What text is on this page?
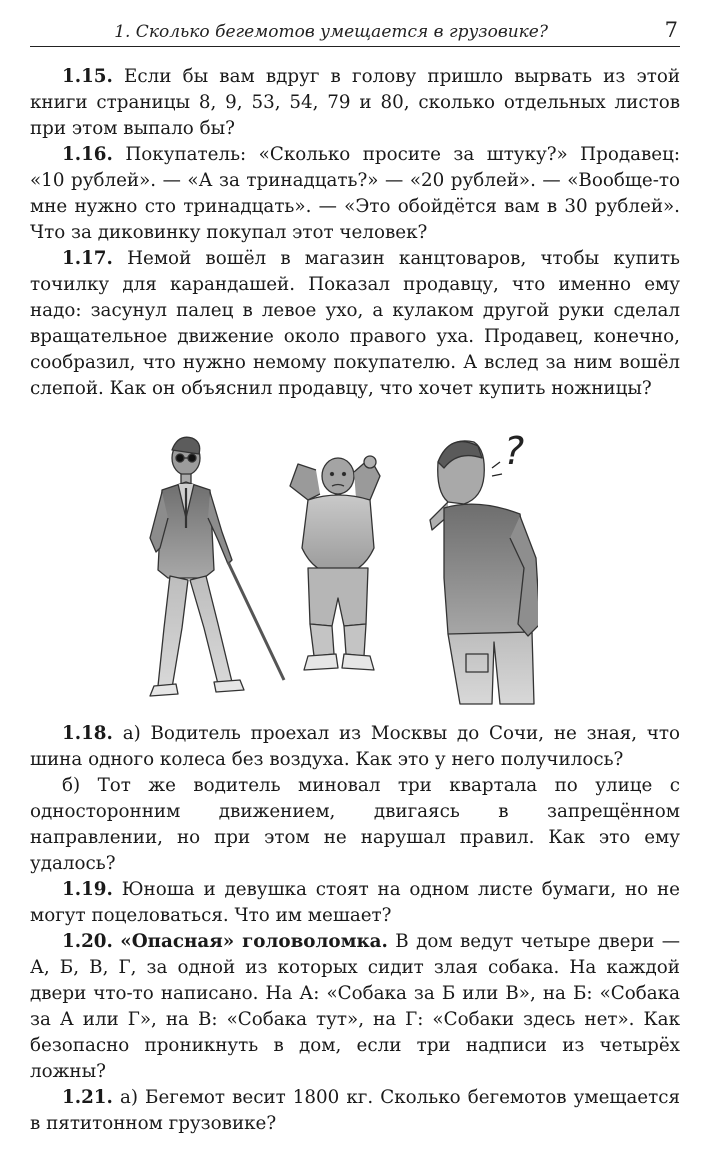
1. Сколько бегемотов умещается в грузовике?	7

1.15. Если бы вам вдруг в голову пришло вырвать из этой книги страницы 8, 9, 53, 54, 79 и 80, сколько отдельных листов при этом выпало бы?

1.16. Покупатель: «Сколько просите за штуку?» Продавец: «10 рублей». — «А за тринадцать?» — «20 рублей». — «Вообще-то мне нужно сто тринадцать». — «Это обойдётся вам в 30 рублей». Что за диковинку покупал этот человек?

1.17. Немой вошёл в магазин канцтоваров, чтобы купить точилку для карандашей. Показал продавцу, что именно ему надо: засунул палец в левое ухо, а кулаком другой руки сделал вращательное движение около правого уха. Продавец, конечно, сообразил, что нужно немому покупателю. А вслед за ним вошёл слепой. Как он объяснил продавцу, что хочет купить ножницы?

?

1.18. а) Водитель проехал из Москвы до Сочи, не зная, что шина одного колеса без воздуха. Как это у него получилось?

б) Тот же водитель миновал три квартала по улице с односторонним движением, двигаясь в запрещённом направлении, но при этом не нарушал правил. Как это ему удалось?

1.19. Юноша и девушка стоят на одном листе бумаги, но не могут поцеловаться. Что им мешает?

1.20. «Опасная» головоломка. В дом ведут четыре двери — А, Б, В, Г, за одной из которых сидит злая собака. На каждой двери что-то написано. На А: «Собака за Б или В», на Б: «Собака за А или Г», на В: «Собака тут», на Г: «Собаки здесь нет». Как безопасно проникнуть в дом, если три надписи из четырёх ложны?

1.21. а) Бегемот весит 1800 кг. Сколько бегемотов умещается в пятитонном грузовике?
